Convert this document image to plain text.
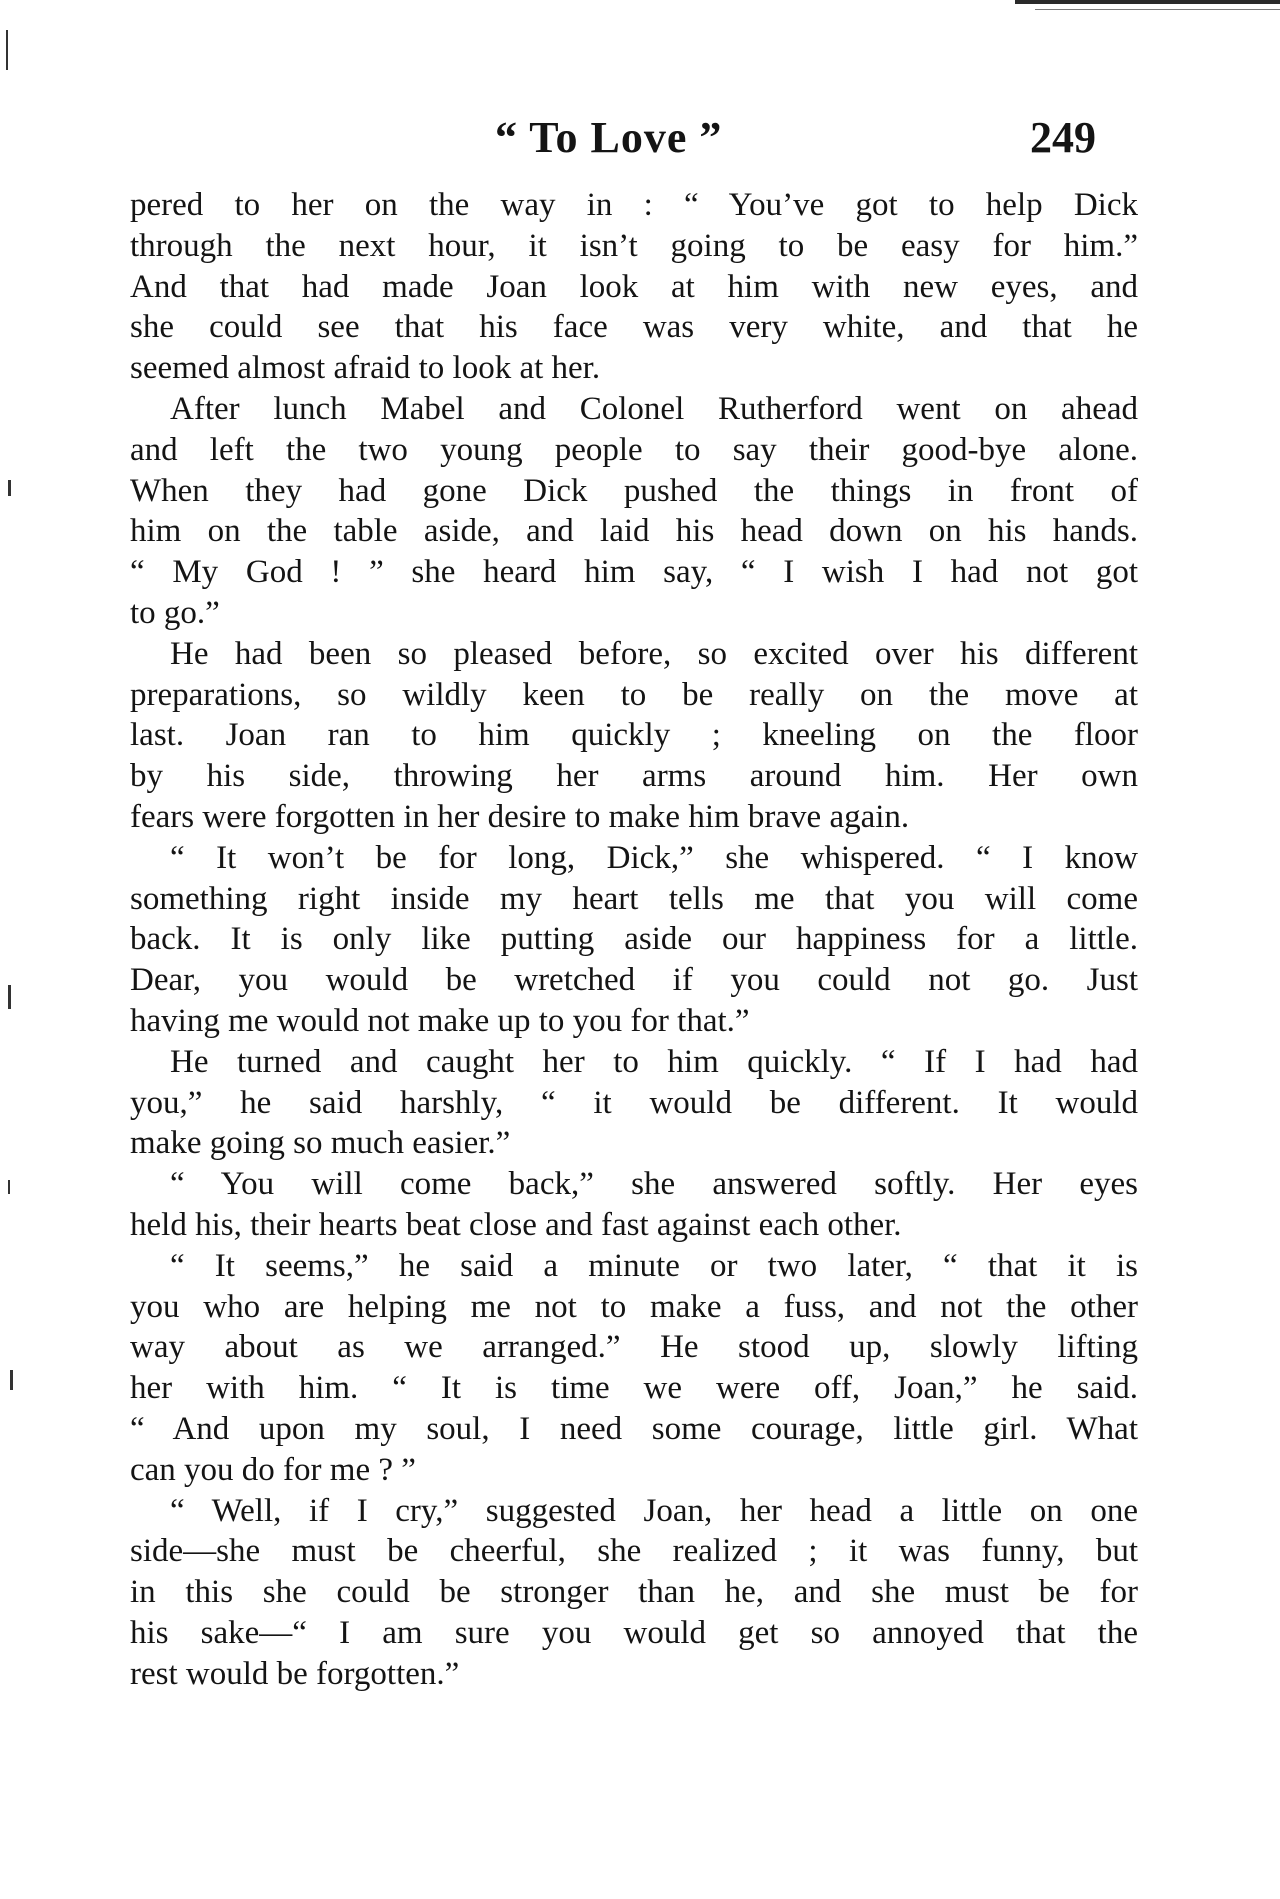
“ To Love ”	249
pered to her on the way in : “ You’ve got to help Dick
through the next hour, it isn’t going to be easy for him.”
And that had made Joan look at him with new eyes, and
she could see that his face was very white, and that he
seemed almost afraid to look at her.
After lunch Mabel and Colonel Rutherford went on ahead
and left the two young people to say their good-bye alone.
When they had gone Dick pushed the things in front of
him on the table aside, and laid his head down on his hands.
“ My God ! ” she heard him say, “ I wish I had not got
to go.”
He had been so pleased before, so excited over his different
preparations, so wildly keen to be really on the move at
last. Joan ran to him quickly ; kneeling on the floor
by his side, throwing her arms around him. Her own
fears were forgotten in her desire to make him brave again.
“ It won’t be for long, Dick,” she whispered. “ I know
something right inside my heart tells me that you will come
back. It is only like putting aside our happiness for a little.
Dear, you would be wretched if you could not go. Just
having me would not make up to you for that.”
He turned and caught her to him quickly. “ If I had had
you,” he said harshly, “ it would be different. It would
make going so much easier.”
“ You will come back,” she answered softly. Her eyes
held his, their hearts beat close and fast against each other.
“ It seems,” he said a minute or two later, “ that it is
you who are helping me not to make a fuss, and not the other
way about as we arranged.” He stood up, slowly lifting
her with him. “ It is time we were off, Joan,” he said.
“ And upon my soul, I need some courage, little girl. What
can you do for me ? ”
“ Well, if I cry,” suggested Joan, her head a little on one
side—she must be cheerful, she realized ; it was funny, but
in this she could be stronger than he, and she must be for
his sake—“ I am sure you would get so annoyed that the
rest would be forgotten.”
